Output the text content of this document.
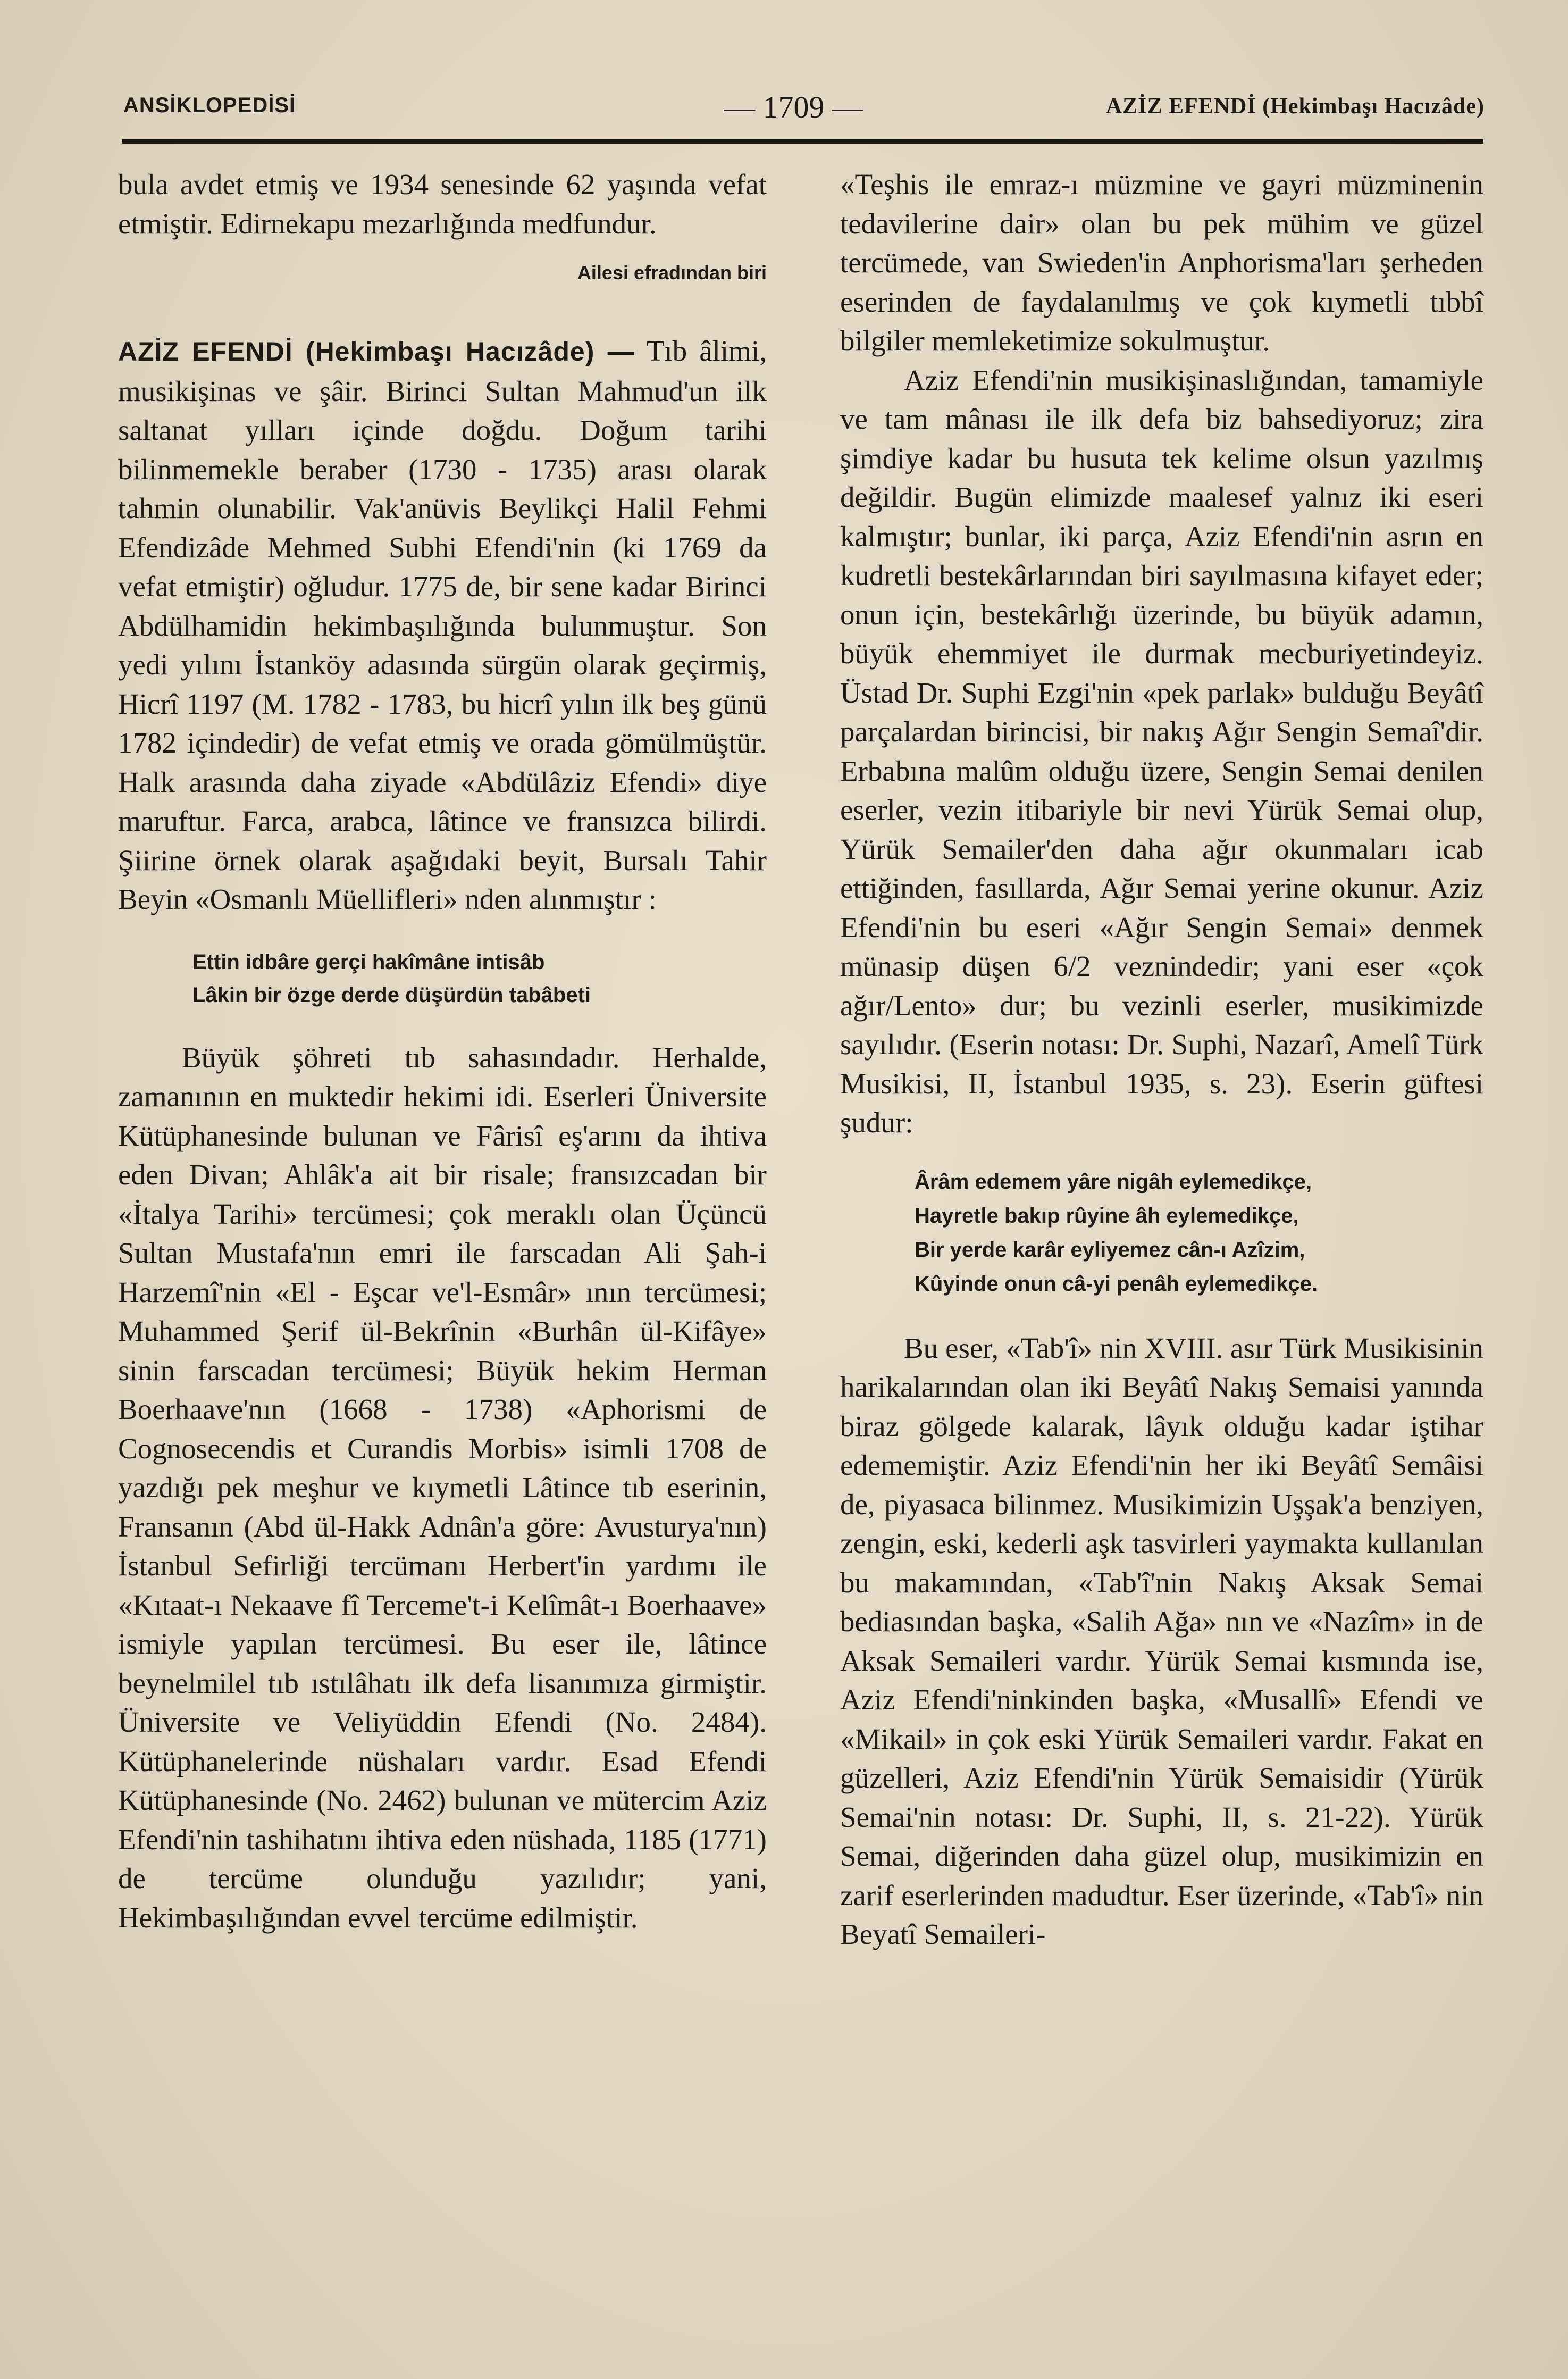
ANSİKLOPEDİSİ	— 1709 —	AZİZ EFENDİ (Hekimbaşı Hacızâde)

bula avdet etmiş ve 1934 senesinde 62 yaşında vefat etmiştir. Edirnekapu mezarlığında medfundur.

Ailesi efradından biri

AZİZ EFENDİ (Hekimbaşı Hacızâde) — Tıb âlimi, musikişinas ve şâir. Birinci Sultan Mahmud'un ilk saltanat yılları içinde doğdu. Doğum tarihi bilinmemekle beraber (1730 - 1735) arası olarak tahmin olunabilir. Vak'anüvis Beylikçi Halil Fehmi Efendizâde Mehmed Subhi Efendi'nin (ki 1769 da vefat etmiştir) oğludur. 1775 de, bir sene kadar Birinci Abdülhamidin hekimbaşılığında bulunmuştur. Son yedi yılını İstanköy adasında sürgün olarak geçirmiş, Hicrî 1197 (M. 1782 - 1783, bu hicrî yılın ilk beş günü 1782 içindedir) de vefat etmiş ve orada gömülmüştür. Halk arasında daha ziyade «Abdülâziz Efendi» diye maruftur. Farca, arabca, lâtince ve fransızca bilirdi. Şiirine örnek olarak aşağıdaki beyit, Bursalı Tahir Beyin «Osmanlı Müellifleri» nden alınmıştır :

Ettin idbâre gerçi hakîmâne intisâb
Lâkin bir özge derde düşürdün tabâbeti

Büyük şöhreti tıb sahasındadır. Herhalde, zamanının en muktedir hekimi idi. Eserleri Üniversite Kütüphanesinde bulunan ve Fârisî eş'arını da ihtiva eden Divan; Ahlâk'a ait bir risale; fransızcadan bir «İtalya Tarihi» tercümesi; çok meraklı olan Üçüncü Sultan Mustafa'nın emri ile farscadan Ali Şah-i Harzemî'nin «El - Eşcar ve'l-Esmâr» ının tercümesi; Muhammed Şerif ül-Bekrînin «Burhân ül-Kifâye» sinin farscadan tercümesi; Büyük hekim Herman Boerhaave'nın (1668 - 1738) «Aphorismi de Cognosecendis et Curandis Morbis» isimli 1708 de yazdığı pek meşhur ve kıymetli Lâtince tıb eserinin, Fransanın (Abd ül-Hakk Adnân'a göre: Avusturya'nın) İstanbul Sefirliği tercümanı Herbert'in yardımı ile «Kıtaat-ı Nekaave fî Terceme't-i Kelîmât-ı Boerhaave» ismiyle yapılan tercümesi. Bu eser ile, lâtince beynelmilel tıb ıstılâhatı ilk defa lisanımıza girmiştir. Üniversite ve Veliyüddin Efendi (No. 2484). Kütüphanelerinde nüshaları vardır. Esad Efendi Kütüphanesinde (No. 2462) bulunan ve mütercim Aziz Efendi'nin tashihatını ihtiva eden nüshada, 1185 (1771) de tercüme olunduğu yazılıdır; yani, Hekimbaşılığından evvel tercüme edilmiştir.

«Teşhis ile emraz-ı müzmine ve gayri müzminenin tedavilerine dair» olan bu pek mühim ve güzel tercümede, van Swieden'in Anphorisma'ları şerheden eserinden de faydalanılmış ve çok kıymetli tıbbî bilgiler memleketimize sokulmuştur.

Aziz Efendi'nin musikişinaslığından, tamamiyle ve tam mânası ile ilk defa biz bahsediyoruz; zira şimdiye kadar bu husuta tek kelime olsun yazılmış değildir. Bugün elimizde maalesef yalnız iki eseri kalmıştır; bunlar, iki parça, Aziz Efendi'nin asrın en kudretli bestekârlarından biri sayılmasına kifayet eder; onun için, bestekârlığı üzerinde, bu büyük adamın, büyük ehemmiyet ile durmak mecburiyetindeyiz. Üstad Dr. Suphi Ezgi'nin «pek parlak» bulduğu Beyâtî parçalardan birincisi, bir nakış Ağır Sengin Semaî'dir. Erbabına malûm olduğu üzere, Sengin Semai denilen eserler, vezin itibariyle bir nevi Yürük Semai olup, Yürük Semailer'den daha ağır okunmaları icab ettiğinden, fasıllarda, Ağır Semai yerine okunur. Aziz Efendi'nin bu eseri «Ağır Sengin Semai» denmek münasip düşen 6/2 veznindedir; yani eser «çok ağır/Lento» dur; bu vezinli eserler, musikimizde sayılıdır. (Eserin notası: Dr. Suphi, Nazarî, Amelî Türk Musikisi, II, İstanbul 1935, s. 23). Eserin güftesi şudur:

Ârâm edemem yâre nigâh eylemedikçe,
Hayretle bakıp rûyine âh eylemedikçe,
Bir yerde karâr eyliyemez cân-ı Azîzim,
Kûyinde onun câ-yi penâh eylemedikçe.

Bu eser, «Tab'î» nin XVIII. asır Türk Musikisinin harikalarından olan iki Beyâtî Nakış Semaisi yanında biraz gölgede kalarak, lâyık olduğu kadar iştihar edememiştir. Aziz Efendi'nin her iki Beyâtî Semâisi de, piyasaca bilinmez. Musikimizin Uşşak'a benziyen, zengin, eski, kederli aşk tasvirleri yaymakta kullanılan bu makamından, «Tab'î'nin Nakış Aksak Semai bediasından başka, «Salih Ağa» nın ve «Nazîm» in de Aksak Semaileri vardır. Yürük Semai kısmında ise, Aziz Efendi'ninkinden başka, «Musallî» Efendi ve «Mikail» in çok eski Yürük Semaileri vardır. Fakat en güzelleri, Aziz Efendi'nin Yürük Semaisidir (Yürük Semai'nin notası: Dr. Suphi, II, s. 21-22). Yürük Semai, diğerinden daha güzel olup, musikimizin en zarif eserlerinden madudtur. Eser üzerinde, «Tab'î» nin Beyatî Semaileri-
